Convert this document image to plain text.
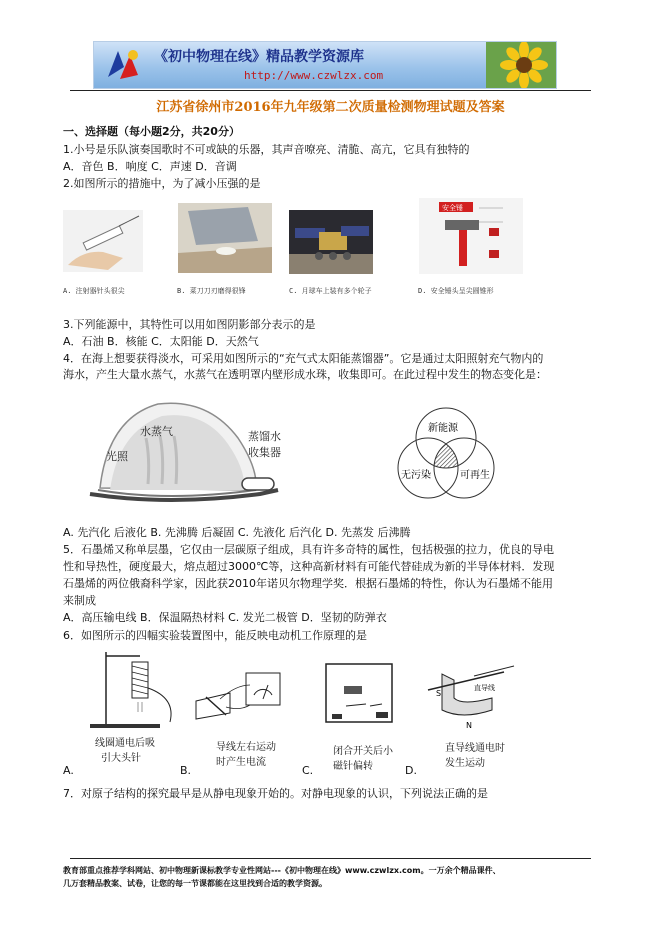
《初中物理在线》精品教学资源库
http://www.czwlzx.com
江苏省徐州市2016年九年级第二次质量检测物理试题及答案
一、选择题（每小题2分，共20分）
1.小号是乐队演奏国歌时不可或缺的乐器，其声音嘹亮、清脆、高亢，它具有独特的
A．音色 B．响度 C．声速 D．音调
2.如图所示的措施中，为了减小压强的是
安全锤
A. 注射器针头很尖	B. 菜刀刀刃磨得很锋	C. 月球车上装有多个轮子	D. 安全锤头呈尖圆锥形
3.下列能源中，其特性可以用如图阴影部分表示的是
A．石油 B．核能 C．太阳能 D．天然气
4．在海上想要获得淡水，可采用如图所示的“充气式太阳能蒸馏器”。它是通过太阳照射充气物内的
海水，产生大量水蒸气，水蒸气在透明罩内壁形成水珠，收集即可。在此过程中发生的物态变化是：
水蒸气
光照
蒸馏水
收集器
新能源
无污染	可再生
A. 先汽化 后液化 B. 先沸腾 后凝固 C. 先液化 后汽化 D. 先蒸发 后沸腾
5．石墨烯又称单层墨，它仅由一层碳原子组成，具有许多奇特的属性，包括极强的拉力，优良的导电
性和导热性，硬度最大，熔点超过3000℃等，这种高新材料有可能代替硅成为新的半导体材料．发现
石墨烯的两位俄裔科学家，因此获2010年诺贝尔物理学奖．根据石墨烯的特性，你认为石墨烯不能用
来制成
A．高压输电线 B．保温隔热材料 C. 发光二极管 D．坚韧的防弹衣
6．如图所示的四幅实验装置图中，能反映电动机工作原理的是
S
N
直导线
线圈通电后吸
引大头针
导线左右运动
时产生电流
闭合开关后小
磁针偏转
直导线通电时
发生运动
A.	B.	C.	D.
7．对原子结构的探究最早是从静电现象开始的。对静电现象的认识，下列说法正确的是
教育部重点推荐学科网站、初中物理新课标教学专业性网站---《初中物理在线》www.czwlzx.com。一万余个精品课件、
几万套精品教案、试卷，让您的每一节课都能在这里找到合适的教学资源。
